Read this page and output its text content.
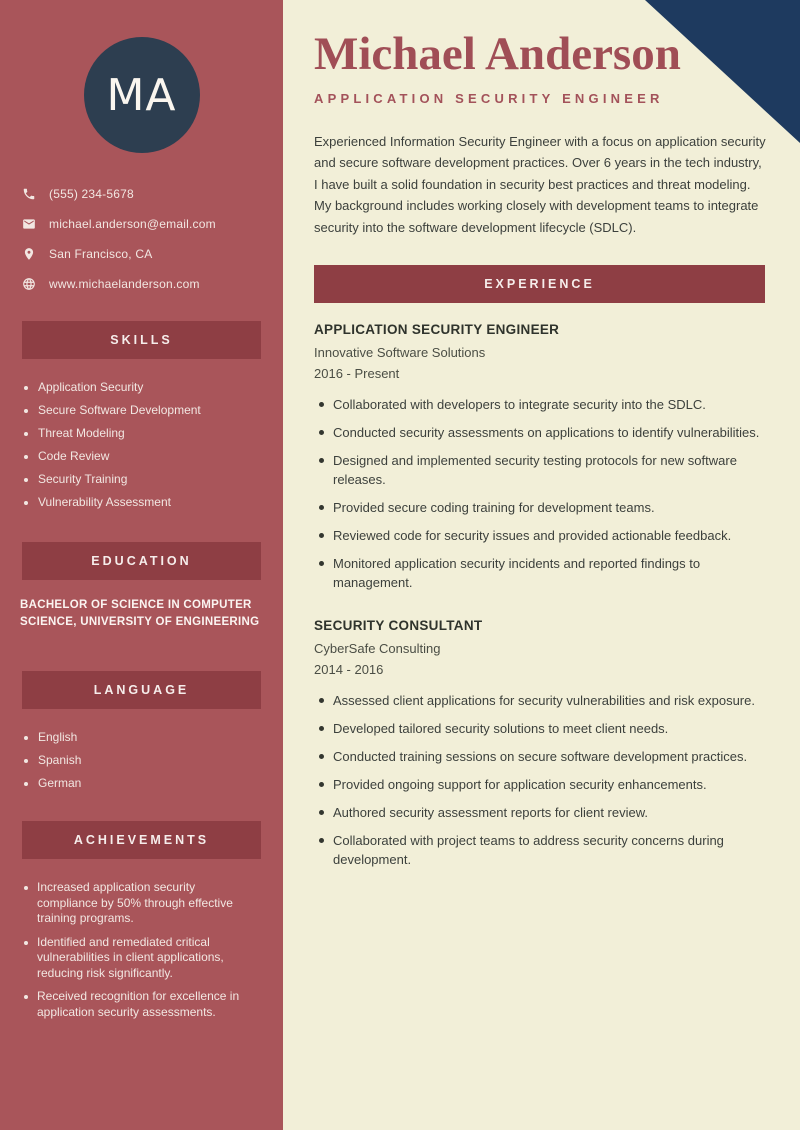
MA
(555) 234-5678
michael.anderson@email.com
San Francisco, CA
www.michaelanderson.com
SKILLS
Application Security
Secure Software Development
Threat Modeling
Code Review
Security Training
Vulnerability Assessment
EDUCATION
BACHELOR OF SCIENCE IN COMPUTER SCIENCE, UNIVERSITY OF ENGINEERING
LANGUAGE
English
Spanish
German
ACHIEVEMENTS
Increased application security compliance by 50% through effective training programs.
Identified and remediated critical vulnerabilities in client applications, reducing risk significantly.
Received recognition for excellence in application security assessments.
Michael Anderson
APPLICATION SECURITY ENGINEER

Experienced Information Security Engineer with a focus on application security and secure software development practices. Over 6 years in the tech industry, I have built a solid foundation in security best practices and threat modeling. My background includes working closely with development teams to integrate security into the software development lifecycle (SDLC).

EXPERIENCE
APPLICATION SECURITY ENGINEER
Innovative Software Solutions
2016 - Present
Collaborated with developers to integrate security into the SDLC.
Conducted security assessments on applications to identify vulnerabilities.
Designed and implemented security testing protocols for new software releases.
Provided secure coding training for development teams.
Reviewed code for security issues and provided actionable feedback.
Monitored application security incidents and reported findings to management.
SECURITY CONSULTANT
CyberSafe Consulting
2014 - 2016
Assessed client applications for security vulnerabilities and risk exposure.
Developed tailored security solutions to meet client needs.
Conducted training sessions on secure software development practices.
Provided ongoing support for application security enhancements.
Authored security assessment reports for client review.
Collaborated with project teams to address security concerns during development.
